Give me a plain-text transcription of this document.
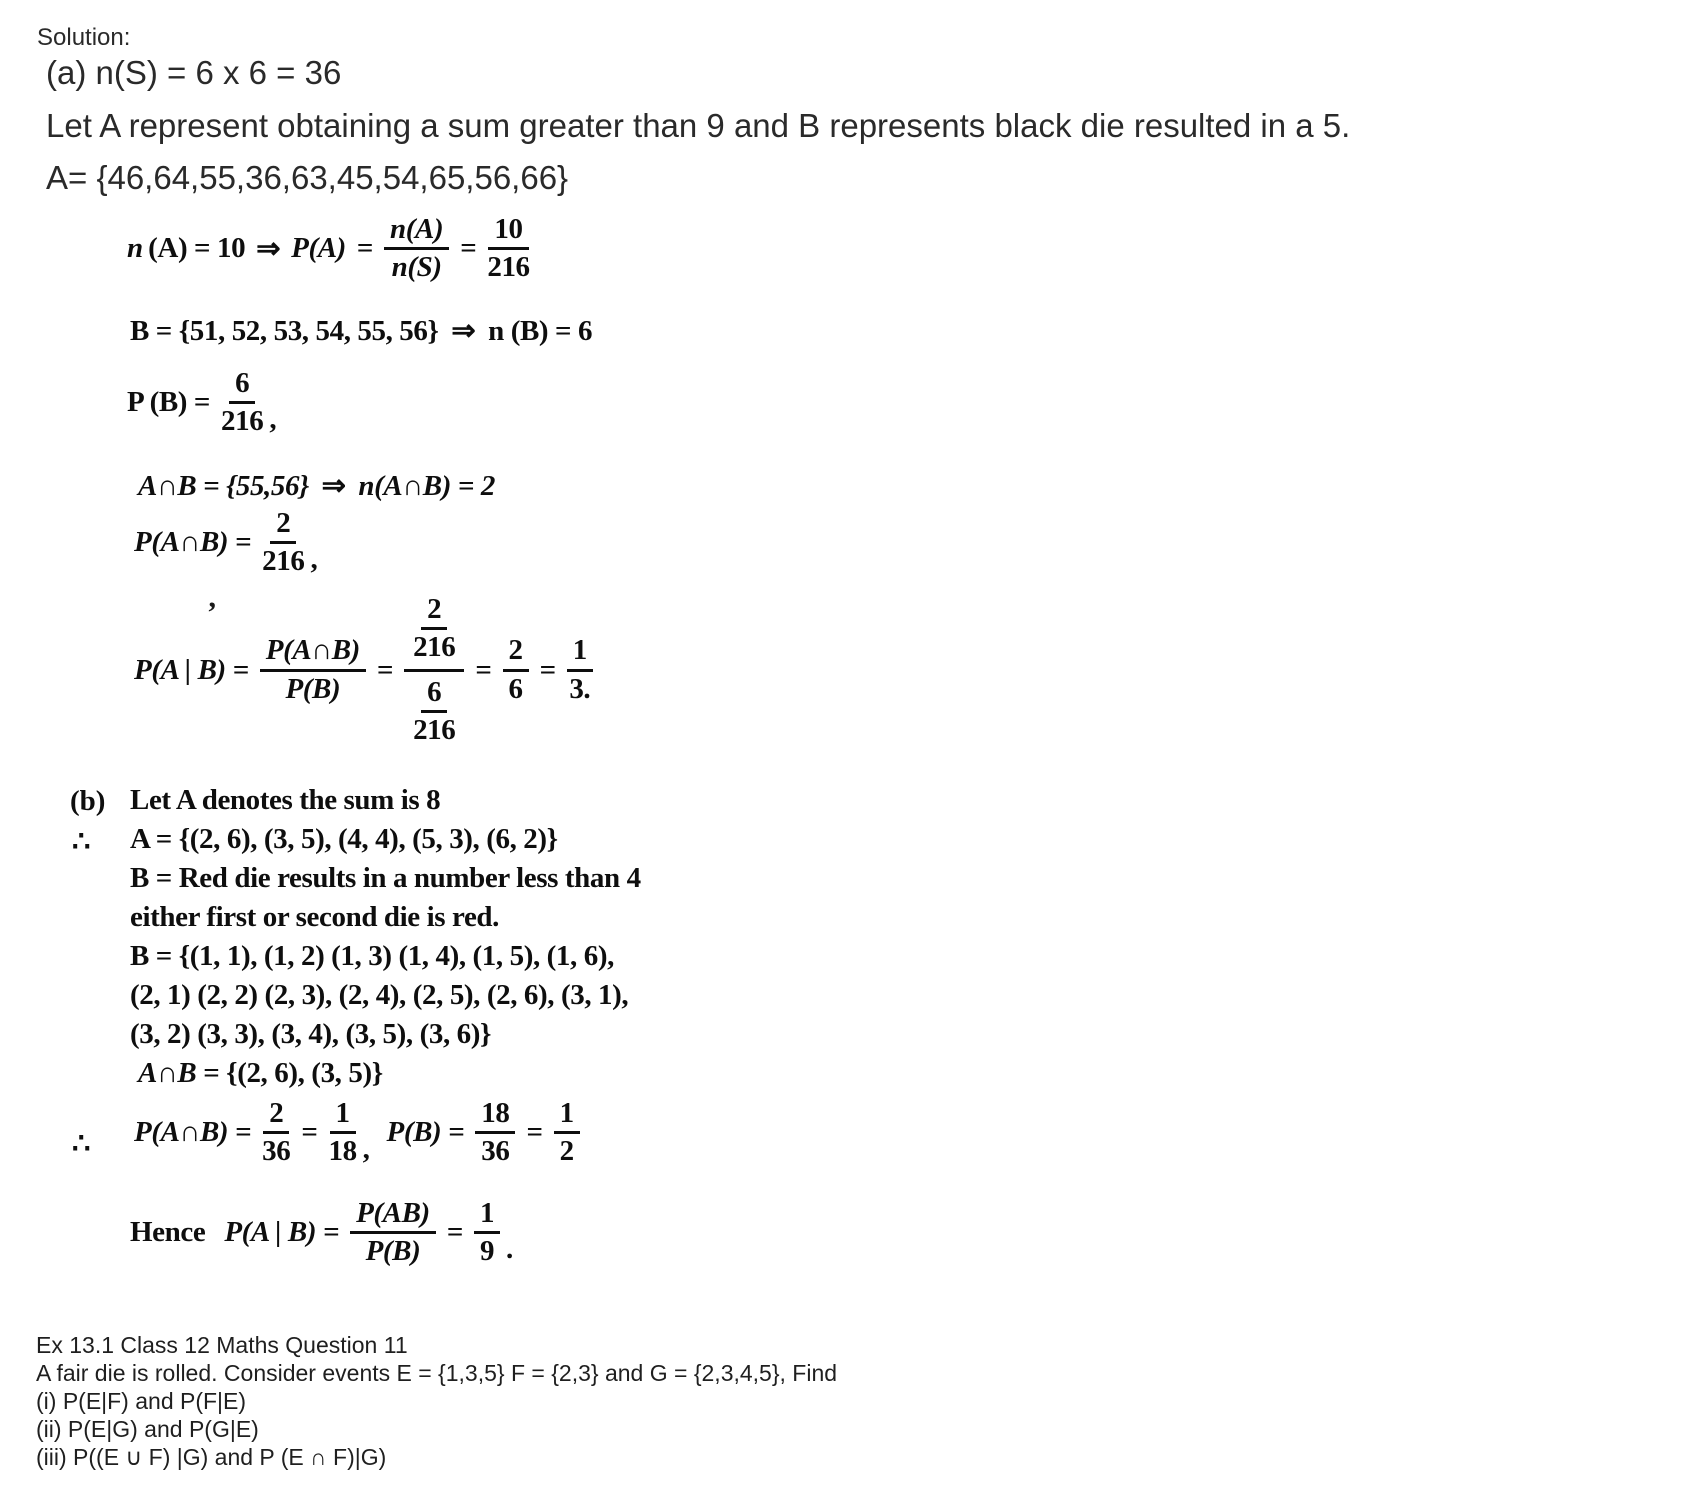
Solution:
(a) n(S) = 6 x 6 = 36
Let A represent obtaining a sum greater than 9 and B represents black die resulted in a 5.
A= {46,64,55,36,63,45,54,65,56,66}
n  (A) = 10 ⇒ $P(A) = \frac{n(A)}{n(S)} = \frac{10}{216}$
B = {51, 52, 53, 54, 55, 56} ⇒ n (B) = 6
P $(B) = \frac{6}{216}$ ,
A∩B = {55,56} ⇒ n(A∩B) = 2
P(A∩B) = $\frac{2}{216}$ ,
’
P(A | $B) = \frac{P(A\cap B)}{P(B)} = \frac{\frac{2}{216}}{\frac{6}{216}} = \frac{2}{6} = \frac{1}{3.}$
(b)
∴
Let A denotes the sum is 8
A = {(2, 6), (3, 5), (4, 4), (5, 3), (6, 2)}
B = Red die results in a number less than 4
either first or second die is red.
B = {(1, 1), (1, 2) (1, 3) (1, 4), (1, 5), (1, 6),
(2, 1) (2, 2) (2, 3), (2, 4), (2, 5), (2, 6), (3, 1),
(3, 2) (3, 3), (3, 4), (3, 5), (3, 6)}
A∩B = {(2, 6), (3, 5)}
∴ P(A∩B) = $\frac{2}{36} = \frac{1}{18}$ ,
$P(B) = \frac{18}{36} = \frac{1}{2}$
Hence P(A | $B) = \frac{P(AB)}{P(B)} = \frac{1}{9}$ .
Ex 13.1 Class 12 Maths Question 11
A fair die is rolled. Consider events E = {1,3,5} F = {2,3} and G = {2,3,4,5}, Find
(i) P(E|F) and P(F|E)
(ii) P(E|G) and P(G|E)
(iii) P((E ∪ F) |G) and P (E ∩ F)|G)
